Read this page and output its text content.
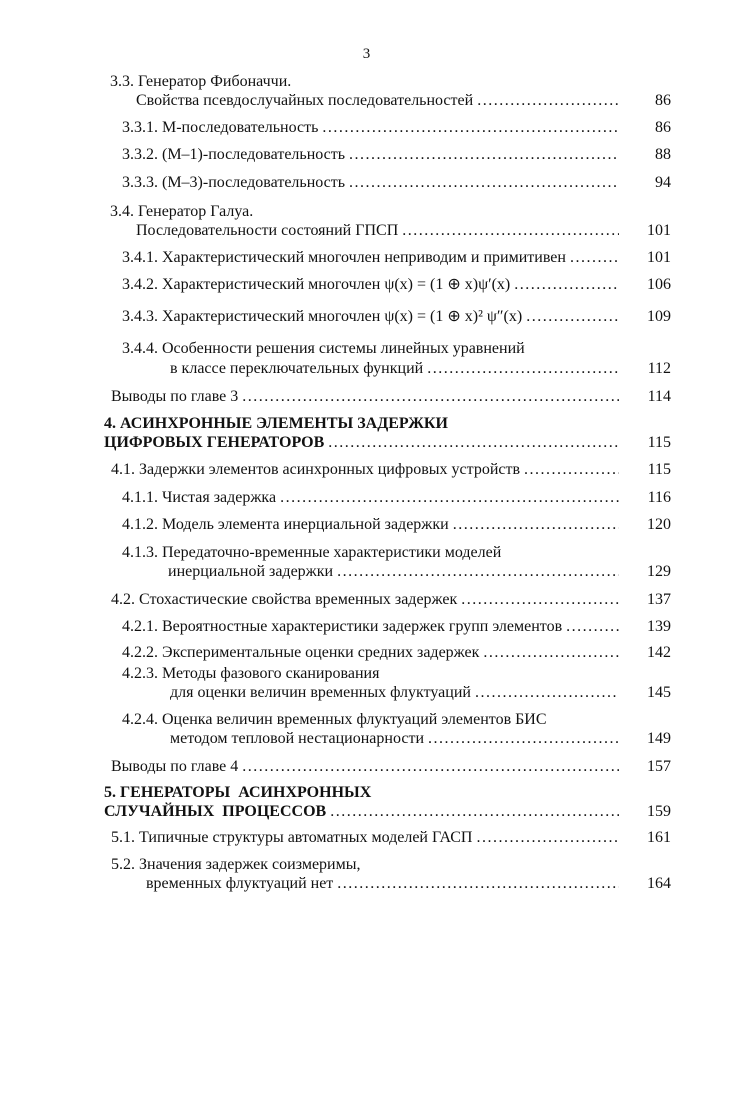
3
3.3. Генератор Фибоначчи.
Свойства псевдослучайных последовательностей .....	86
3.3.1. М-последовательность .....	86
3.3.2. (М–1)-последовательность .....	88
3.3.3. (М–3)-последовательность .....	94
3.4. Генератор Галуа.
Последовательности состояний ГПСП .....	101
3.4.1. Характеристический многочлен неприводим и примитивен .....	101
3.4.2. Характеристический многочлен ψ(x) = (1 ⊕ x)ψ′(x) .....	106
3.4.3. Характеристический многочлен ψ(x) = (1 ⊕ x)² ψ″(x) .....	109
3.4.4. Особенности решения системы линейных уравнений
в классе переключательных функций .....	112
Выводы по главе 3 .....	114
4. АСИНХРОННЫЕ ЭЛЕМЕНТЫ ЗАДЕРЖКИ
ЦИФРОВЫХ ГЕНЕРАТОРОВ .....	115
4.1. Задержки элементов асинхронных цифровых устройств .....	115
4.1.1. Чистая задержка .....	116
4.1.2. Модель элемента инерциальной задержки .....	120
4.1.3. Передаточно-временные характеристики моделей
инерциальной задержки .....	129
4.2. Стохастические свойства временных задержек .....	137
4.2.1. Вероятностные характеристики задержек групп элементов .....	139
4.2.2. Экспериментальные оценки средних задержек .....	142
4.2.3. Методы фазового сканирования
для оценки величин временных флуктуаций .....	145
4.2.4. Оценка величин временных флуктуаций элементов БИС
методом тепловой нестационарности .....	149
Выводы по главе 4 .....	157
5. ГЕНЕРАТОРЫ  АСИНХРОННЫХ
СЛУЧАЙНЫХ  ПРОЦЕССОВ .....	159
5.1. Типичные структуры автоматных моделей ГАСП .....	161
5.2. Значения задержек соизмеримы,
временных флуктуаций нет .....	164
